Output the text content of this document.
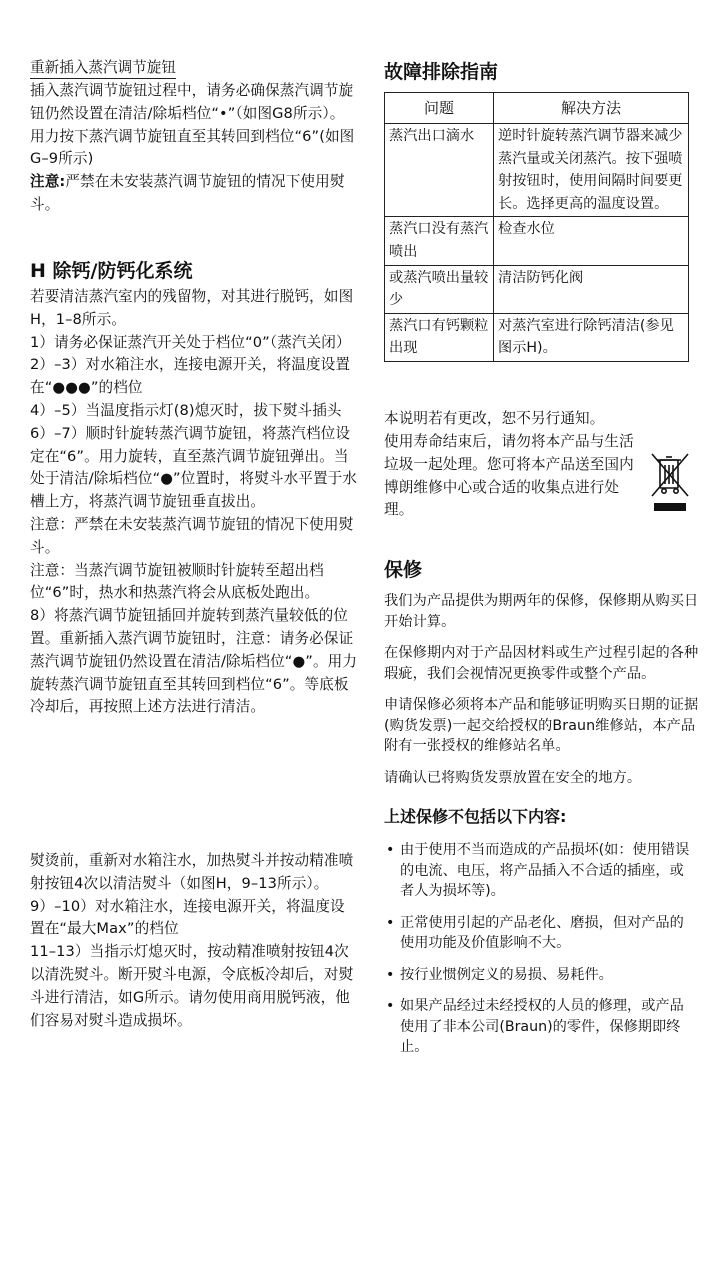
重新插入蒸汽调节旋钮

插入蒸汽调节旋钮过程中，请务必确保蒸汽调节旋钮仍然设置在清洁/除垢档位“•”（如图G8所示）。

用力按下蒸汽调节旋钮直至其转回到档位“6”(如图G–9所示)

注意:严禁在未安装蒸汽调节旋钮的情况下使用熨斗。

H 除钙/防钙化系统

若要清洁蒸汽室内的残留物，对其进行脱钙，如图H，1–8所示。

1）请务必保证蒸汽开关处于档位“0”（蒸汽关闭）

2）–3）对水箱注水，连接电源开关，将温度设置在“●●●”的档位

4）–5）当温度指示灯(8)熄灭时，拔下熨斗插头

6）–7）顺时针旋转蒸汽调节旋钮，将蒸汽档位设定在“6”。用力旋转，直至蒸汽调节旋钮弹出。当处于清洁/除垢档位“●”位置时，将熨斗水平置于水槽上方，将蒸汽调节旋钮垂直拔出。

注意：严禁在未安装蒸汽调节旋钮的情况下使用熨斗。

注意：当蒸汽调节旋钮被顺时针旋转至超出档位“6”时，热水和热蒸汽将会从底板处跑出。

8）将蒸汽调节旋钮插回并旋转到蒸汽量较低的位置。重新插入蒸汽调节旋钮时，注意：请务必保证蒸汽调节旋钮仍然设置在清洁/除垢档位“●”。用力旋转蒸汽调节旋钮直至其转回到档位“6”。等底板冷却后，再按照上述方法进行清洁。

熨烫前，重新对水箱注水，加热熨斗并按动精准喷射按钮4次以清洁熨斗（如图H，9–13所示）。

9）–10）对水箱注水，连接电源开关，将温度设置在“最大Max”的档位

11–13）当指示灯熄灭时，按动精准喷射按钮4次以清洗熨斗。断开熨斗电源，令底板冷却后，对熨斗进行清洁，如G所示。请勿使用商用脱钙液，他们容易对熨斗造成损坏。

故障排除指南
问题	解决方法
蒸汽出口滴水	逆时针旋转蒸汽调节器来减少蒸汽量或关闭蒸汽。按下强喷射按钮时，使用间隔时间要更长。选择更高的温度设置。
蒸汽口没有蒸汽喷出	检查水位
或蒸汽喷出量较少	清洁防钙化阀
蒸汽口有钙颗粒出现	对蒸汽室进行除钙清洁(参见图示H)。

本说明若有更改，恕不另行通知。

使用寿命结束后，请勿将本产品与生活垃圾一起处理。您可将本产品送至国内博朗维修中心或合适的收集点进行处理。

保修

我们为产品提供为期两年的保修，保修期从购买日开始计算。

在保修期内对于产品因材料或生产过程引起的各种瑕疵，我们会视情况更换零件或整个产品。

申请保修必须将本产品和能够证明购买日期的证据(购货发票)一起交给授权的Braun维修站，本产品附有一张授权的维修站名单。

请确认已将购货发票放置在安全的地方。

上述保修不包括以下内容:
• 由于使用不当而造成的产品损坏(如：使用错误的电流、电压，将产品插入不合适的插座，或者人为损坏等)。
• 正常使用引起的产品老化、磨损，但对产品的使用功能及价值影响不大。
• 按行业惯例定义的易损、易耗件。
• 如果产品经过未经授权的人员的修理，或产品使用了非本公司(Braun)的零件，保修期即终止。
